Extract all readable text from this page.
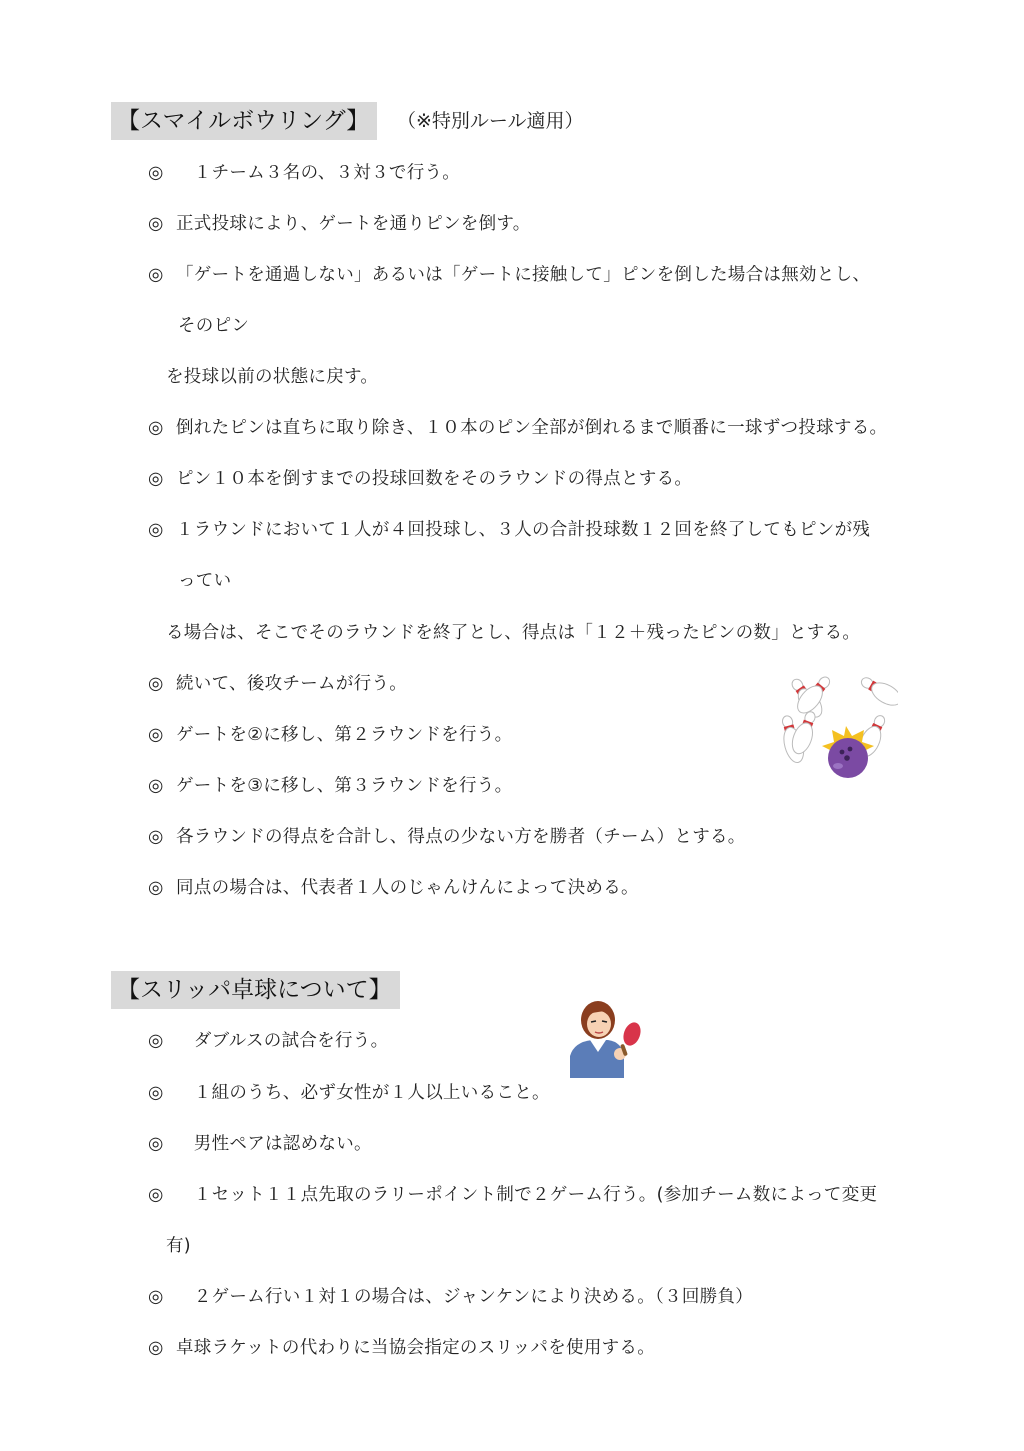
【スマイルボウリング】	（※特別ルール適用）
◎　１チーム３名の、３対３で行う。
◎ 正式投球により、ゲートを通りピンを倒す。
◎ 「ゲートを通過しない」あるいは「ゲートに接触して」ピンを倒した場合は無効とし、
そのピン
を投球以前の状態に戻す。
◎ 倒れたピンは直ちに取り除き、１０本のピン全部が倒れるまで順番に一球ずつ投球する。
◎ ピン１０本を倒すまでの投球回数をそのラウンドの得点とする。
◎ １ラウンドにおいて１人が４回投球し、３人の合計投球数１２回を終了してもピンが残
ってい
る場合は、そこでそのラウンドを終了とし、得点は「１２＋残ったピンの数」とする。
◎ 続いて、後攻チームが行う。
◎ ゲートを②に移し、第２ラウンドを行う。
◎ ゲートを③に移し、第３ラウンドを行う。
◎ 各ラウンドの得点を合計し、得点の少ない方を勝者（チーム）とする。
◎ 同点の場合は、代表者１人のじゃんけんによって決める。
【スリッパ卓球について】
◎　ダブルスの試合を行う。
◎　１組のうち、必ず女性が１人以上いること。
◎　男性ペアは認めない。
◎　１セット１１点先取のラリーポイント制で２ゲーム行う。(参加チーム数によって変更
有)
◎　２ゲーム行い１対１の場合は、ジャンケンにより決める。（３回勝負）
◎ 卓球ラケットの代わりに当協会指定のスリッパを使用する。
